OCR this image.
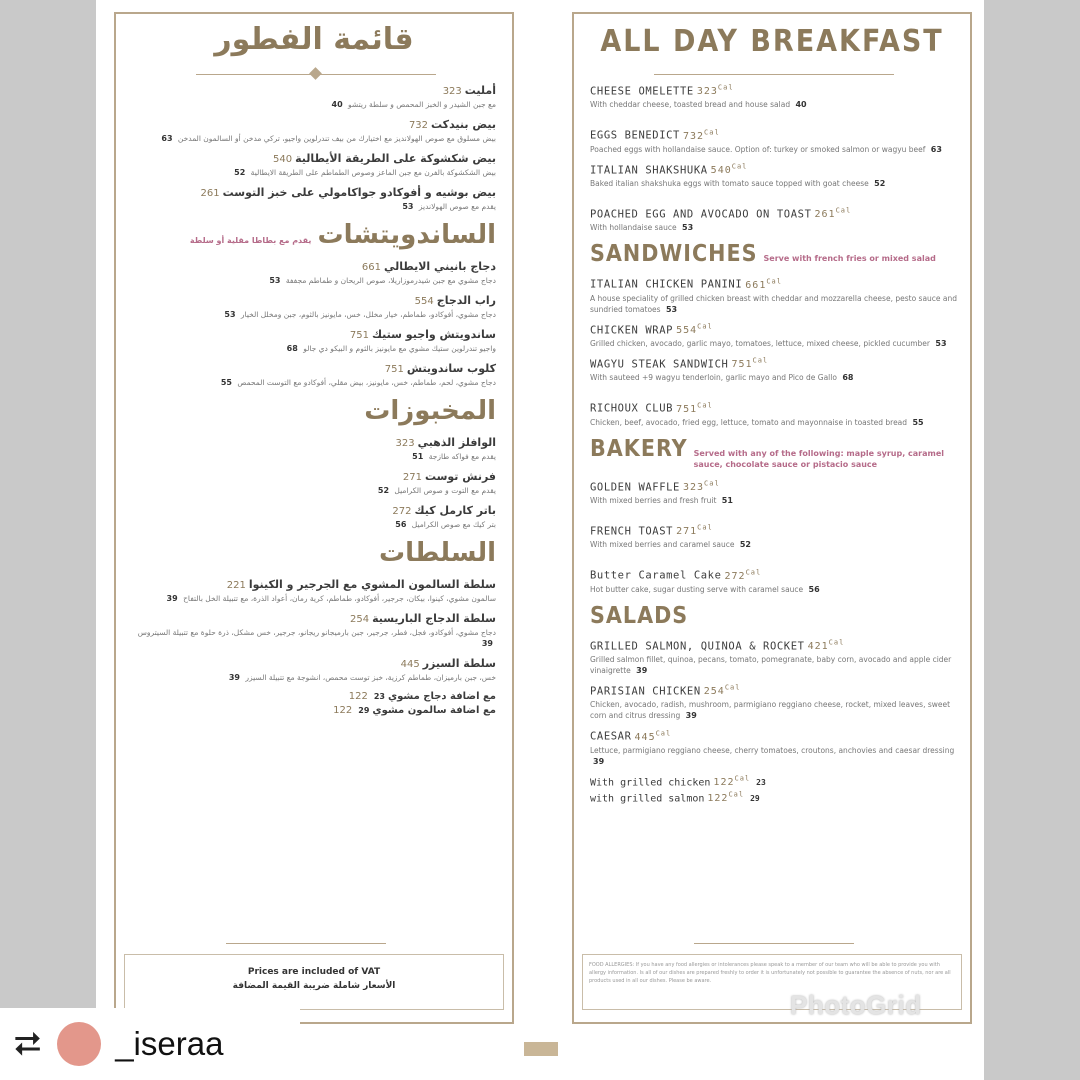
قائمة الفطور
أمليت323
مع جبن الشيدر و الخبز المحمص و سلطة ريتشو 40
بيض بنيدكت732
بيض مسلوق مع صوص الهولانديز مع اختيارك من بيف تندرلوين واجيو، تركي مدخن أو السالمون المدخن 63
بيض شكشوكة على الطريقة الأيطالية540
بيض الشكشوكة بالفرن مع جبن الماعز وصوص الطماطم على الطريقة الايطالية 52
بيض بوشيه و أفوكادو جواكامولي على خبز التوست261
يقدم مع صوص الهولانديز 53
الساندويتشات
يقدم مع بطاطا مقلية أو سلطة
دجاج بانيني الايطالي661
دجاج مشوي مع جبن شيدرموزاريلا، صوص الريحان و طماطم مجففة 53
راب الدجاج554
دجاج مشوي، أفوكادو، طماطم، خيار مخلل، خس، مايونيز بالثوم، جبن ومخلل الخيار 53
ساندويتش واجيو ستيك751
واجيو تندرلوين ستيك مشوي مع مايونيز بالثوم و البيكو دي جالو 68
كلوب ساندويتش751
دجاج مشوي، لحم، طماطم، خس، مايونيز، بيض مقلي، أفوكادو مع التوست المحمص 55
المخبوزات
الوافلز الذهبي323
يقدم مع فواكه طازجة 51
فرنش توست271
يقدم مع التوت و صوص الكراميل 52
باتر كارمل كيك272
بتر كيك مع صوص الكراميل 56
السلطات
سلطة السالمون المشوي مع الجرجير و الكينوا221
سالمون مشوي، كينوا، بيكان، جرجير، أفوكادو، طماطم، كرية رمان، أعواد الذرة، مع تتبيلة الخل بالتفاح 39
سلطة الدجاج الباريسية254
دجاج مشوي، أفوكادو، فجل، فطر، جرجير، جبن بارميجانو ريجانو، جرجير، خس مشكل، ذرة حلوة مع تتبيلة السيتروس 39
سلطة السيزر445
خس، جبن بارميزان، طماطم كرزية، خبز توست محمص، انشوجة مع تتبيلة السيزر 39
مع اضافة دجاج مشوي122 23
مع اضافة سالمون مشوي122 29
Prices are included of VAT
الأسعار شاملة ضريبة القيمة المضافة
ALL DAY BREAKFAST
CHEESE OMELETTE $323^{Cal}$
With cheddar cheese, toasted bread and house salad 40
EGGS BENEDICT $732^{Cal}$
Poached eggs with hollandaise sauce. Option of: turkey or smoked salmon or wagyu beef 63
ITALIAN SHAKSHUKA $540^{Cal}$
Baked italian shakshuka eggs with tomato sauce topped with goat cheese 52
POACHED EGG AND AVOCADO ON TOAST $261^{Cal}$
With hollandaise sauce 53
SANDWICHES Serve with french fries or mixed salad
ITALIAN CHICKEN PANINI $661^{Cal}$
A house speciality of grilled chicken breast with cheddar and mozzarella cheese, pesto sauce and sundried tomatoes 53
CHICKEN WRAP $554^{Cal}$
Grilled chicken, avocado, garlic mayo, tomatoes, lettuce, mixed cheese, pickled cucumber 53
WAGYU STEAK SANDWICH $751^{Cal}$
With sauteed +9 wagyu tenderloin, garlic mayo and Pico de Gallo 68
RICHOUX CLUB $751^{Cal}$
Chicken, beef, avocado, fried egg, lettuce, tomato and mayonnaise in toasted bread 55
BAKERY Served with any of the following: maple syrup, caramel sauce, chocolate sauce or pistacio sauce
GOLDEN WAFFLE $323^{Cal}$
With mixed berries and fresh fruit 51
FRENCH TOAST $271^{Cal}$
With mixed berries and caramel sauce 52
Butter Caramel Cake $272^{Cal}$
Hot butter cake, sugar dusting serve with caramel sauce 56
SALADS
GRILLED SALMON, QUINOA & ROCKET $421^{Cal}$
Grilled salmon fillet, quinoa, pecans, tomato, pomegranate, baby corn, avocado and apple cider vinaigrette 39
PARISIAN CHICKEN $254^{Cal}$
Chicken, avocado, radish, mushroom, parmigiano reggiano cheese, rocket, mixed leaves, sweet corn and citrus dressing 39
CAESAR $445^{Cal}$
Lettuce, parmigiano reggiano cheese, cherry tomatoes, croutons, anchovies and caesar dressing 39
With grilled chicken $122^{Cal}$ 23
with grilled salmon $122^{Cal}$ 29
FOOD ALLERGIES: If you have any food allergies or intolerances please speak to a member of our team who will be able to provide you with allergy information. Is all of our dishes are prepared freshly to order it is unfortunately not possible to guarantee the absence of nuts, nor are all products used in all our dishes. Please be aware.
PhotoGrid
⮂ _iseraa
